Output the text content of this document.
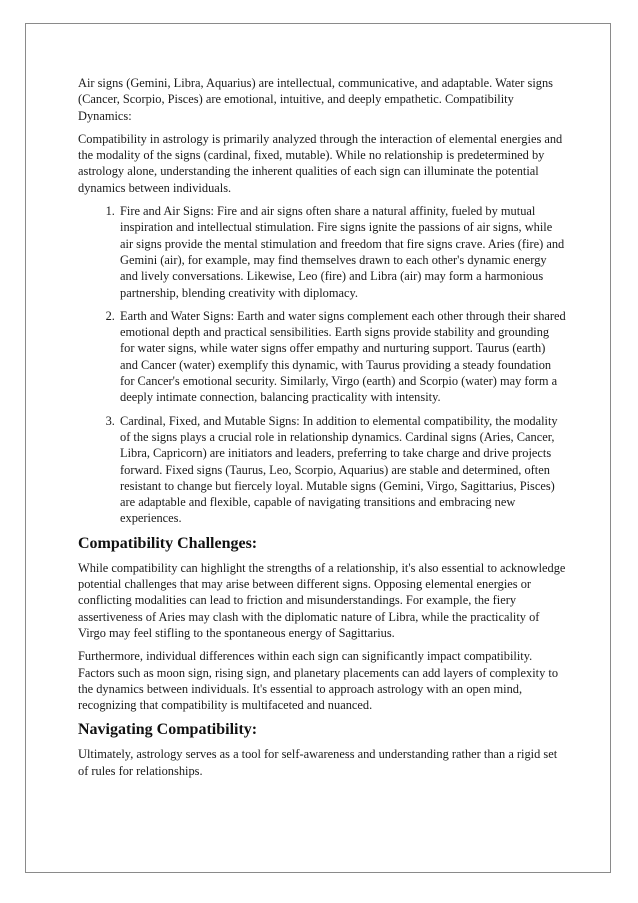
Air signs (Gemini, Libra, Aquarius) are intellectual, communicative, and adaptable. Water signs (Cancer, Scorpio, Pisces) are emotional, intuitive, and deeply empathetic. Compatibility Dynamics:

Compatibility in astrology is primarily analyzed through the interaction of elemental energies and the modality of the signs (cardinal, fixed, mutable). While no relationship is predetermined by astrology alone, understanding the inherent qualities of each sign can illuminate the potential dynamics between individuals.

1. Fire and Air Signs: Fire and air signs often share a natural affinity, fueled by mutual inspiration and intellectual stimulation. Fire signs ignite the passions of air signs, while air signs provide the mental stimulation and freedom that fire signs crave. Aries (fire) and Gemini (air), for example, may find themselves drawn to each other's dynamic energy and lively conversations. Likewise, Leo (fire) and Libra (air) may form a harmonious partnership, blending creativity with diplomacy.
2. Earth and Water Signs: Earth and water signs complement each other through their shared emotional depth and practical sensibilities. Earth signs provide stability and grounding for water signs, while water signs offer empathy and nurturing support. Taurus (earth) and Cancer (water) exemplify this dynamic, with Taurus providing a steady foundation for Cancer's emotional security. Similarly, Virgo (earth) and Scorpio (water) may form a deeply intimate connection, balancing practicality with intensity.
3. Cardinal, Fixed, and Mutable Signs: In addition to elemental compatibility, the modality of the signs plays a crucial role in relationship dynamics. Cardinal signs (Aries, Cancer, Libra, Capricorn) are initiators and leaders, preferring to take charge and drive projects forward. Fixed signs (Taurus, Leo, Scorpio, Aquarius) are stable and determined, often resistant to change but fiercely loyal. Mutable signs (Gemini, Virgo, Sagittarius, Pisces) are adaptable and flexible, capable of navigating transitions and embracing new experiences.
Compatibility Challenges:

While compatibility can highlight the strengths of a relationship, it's also essential to acknowledge potential challenges that may arise between different signs. Opposing elemental energies or conflicting modalities can lead to friction and misunderstandings. For example, the fiery assertiveness of Aries may clash with the diplomatic nature of Libra, while the practicality of Virgo may feel stifling to the spontaneous energy of Sagittarius.

Furthermore, individual differences within each sign can significantly impact compatibility. Factors such as moon sign, rising sign, and planetary placements can add layers of complexity to the dynamics between individuals. It's essential to approach astrology with an open mind, recognizing that compatibility is multifaceted and nuanced.

Navigating Compatibility:

Ultimately, astrology serves as a tool for self-awareness and understanding rather than a rigid set of rules for relationships.
